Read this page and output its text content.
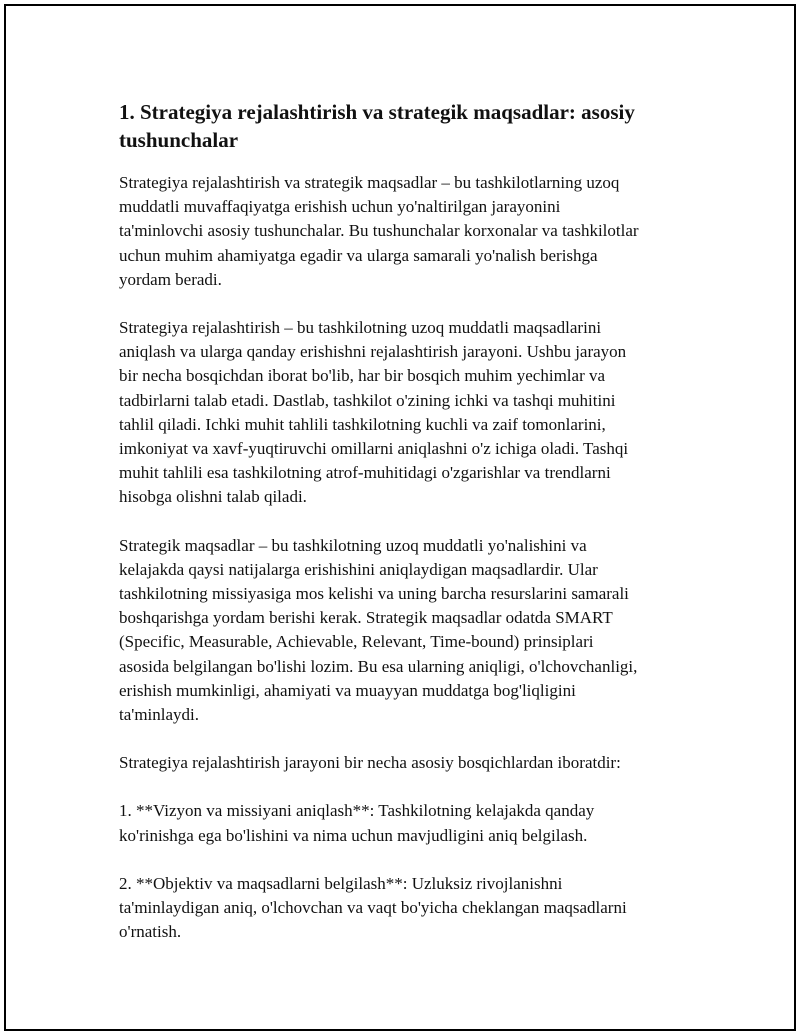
1. Strategiya rejalashtirish va strategik maqsadlar: asosiy
tushunchalar

Strategiya rejalashtirish va strategik maqsadlar – bu tashkilotlarning uzoq
muddatli muvaffaqiyatga erishish uchun yo'naltirilgan jarayonini
ta'minlovchi asosiy tushunchalar. Bu tushunchalar korxonalar va tashkilotlar
uchun muhim ahamiyatga egadir va ularga samarali yo'nalish berishga
yordam beradi.

Strategiya rejalashtirish – bu tashkilotning uzoq muddatli maqsadlarini
aniqlash va ularga qanday erishishni rejalashtirish jarayoni. Ushbu jarayon
bir necha bosqichdan iborat bo'lib, har bir bosqich muhim yechimlar va
tadbirlarni talab etadi. Dastlab, tashkilot o'zining ichki va tashqi muhitini
tahlil qiladi. Ichki muhit tahlili tashkilotning kuchli va zaif tomonlarini,
imkoniyat va xavf-yuqtiruvchi omillarni aniqlashni o'z ichiga oladi. Tashqi
muhit tahlili esa tashkilotning atrof-muhitidagi o'zgarishlar va trendlarni
hisobga olishni talab qiladi.

Strategik maqsadlar – bu tashkilotning uzoq muddatli yo'nalishini va
kelajakda qaysi natijalarga erishishini aniqlaydigan maqsadlardir. Ular
tashkilotning missiyasiga mos kelishi va uning barcha resurslarini samarali
boshqarishga yordam berishi kerak. Strategik maqsadlar odatda SMART
(Specific, Measurable, Achievable, Relevant, Time-bound) prinsiplari
asosida belgilangan bo'lishi lozim. Bu esa ularning aniqligi, o'lchovchanligi,
erishish mumkinligi, ahamiyati va muayyan muddatga bog'liqligini
ta'minlaydi.

Strategiya rejalashtirish jarayoni bir necha asosiy bosqichlardan iboratdir:

1. **Vizyon va missiyani aniqlash**: Tashkilotning kelajakda qanday
ko'rinishga ega bo'lishini va nima uchun mavjudligini aniq belgilash.

2. **Objektiv va maqsadlarni belgilash**: Uzluksiz rivojlanishni
ta'minlaydigan aniq, o'lchovchan va vaqt bo'yicha cheklangan maqsadlarni
o'rnatish.
